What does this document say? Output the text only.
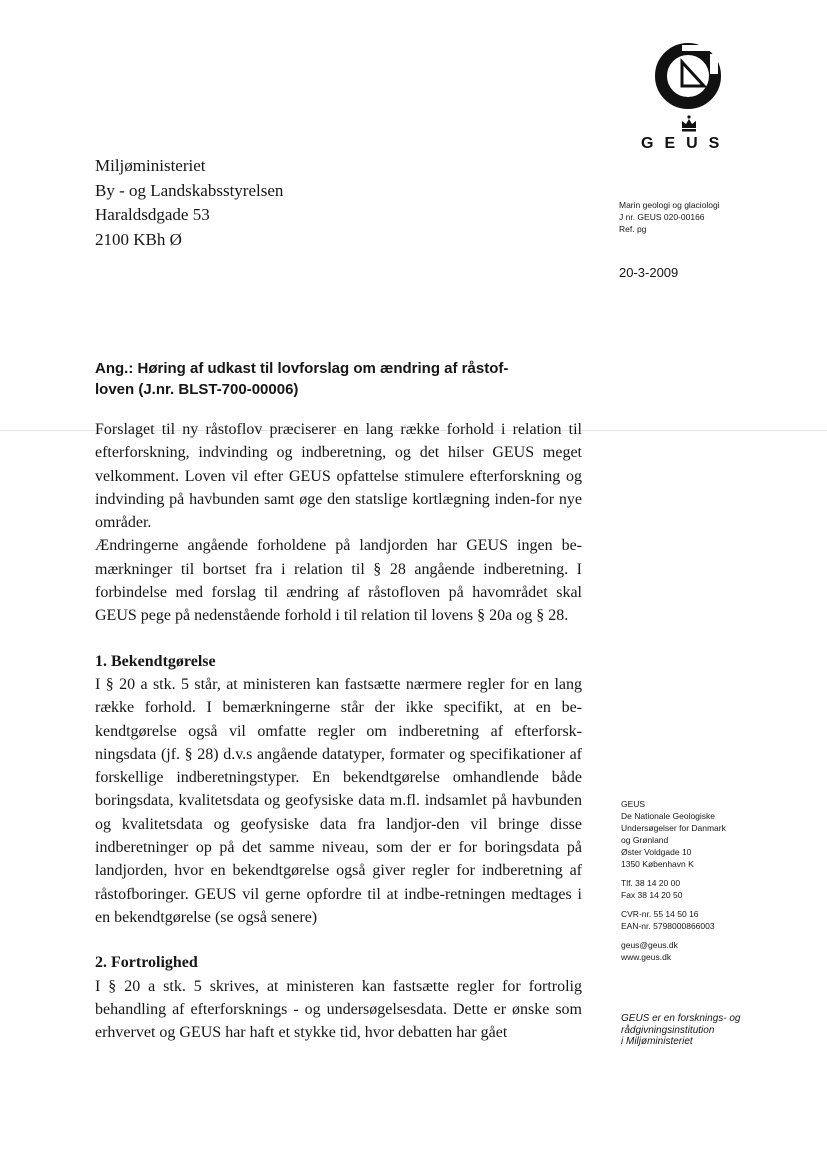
GEUS
Miljøministeriet
By - og Landskabsstyrelsen
Haraldsdgade 53
2100 KBh Ø
Marin geologi og glaciologi
J nr. GEUS 020-00166
Ref. pg
20-3-2009
Ang.: Høring af udkast til lovforslag om ændring af råstof-
loven (J.nr. BLST-700-00006)

Forslaget til ny råstoflov præciserer en lang række forhold i relation til efterforskning, indvinding og indberetning, og det hilser GEUS meget velkomment. Loven vil efter GEUS opfattelse stimulere efterforskning og indvinding på havbunden samt øge den statslige kortlægning inden-for nye områder.

Ændringerne angående forholdene på landjorden har GEUS ingen be-mærkninger til bortset fra i relation til § 28 angående indberetning. I forbindelse med forslag til ændring af råstofloven på havområdet skal GEUS pege på nedenstående forhold i til relation til lovens § 20a og § 28.

1. Bekendtgørelse

I § 20 a stk. 5 står, at ministeren kan fastsætte nærmere regler for en lang række forhold. I bemærkningerne står der ikke specifikt, at en be-kendtgørelse også vil omfatte regler om indberetning af efterforsk-ningsdata (jf. § 28) d.v.s angående datatyper, formater og specifikationer af forskellige indberetningstyper. En bekendtgørelse omhandlende både boringsdata, kvalitetsdata og geofysiske data m.fl. indsamlet på havbunden og kvalitetsdata og geofysiske data fra landjor-den vil bringe disse indberetninger op på det samme niveau, som der er for boringsdata på landjorden, hvor en bekendtgørelse også giver regler for indberetning af råstofboringer. GEUS vil gerne opfordre til at indbe-retningen medtages i en bekendtgørelse (se også senere)

2. Fortrolighed

I § 20 a stk. 5 skrives, at ministeren kan fastsætte regler for fortrolig behandling af efterforsknings - og undersøgelsesdata. Dette er ønske som erhvervet og GEUS har haft et stykke tid, hvor debatten har gået

GEUS
De Nationale Geologiske
Undersøgelser for Danmark
og Grønland
Øster Voldgade 10
1350 København K
Tlf. 38 14 20 00
Fax 38 14 20 50
CVR-nr. 55 14 50 16
EAN-nr. 5798000866003
geus@geus.dk
www.geus.dk
GEUS er en forsknings- og
rådgivningsinstitution
i Miljøministeriet
